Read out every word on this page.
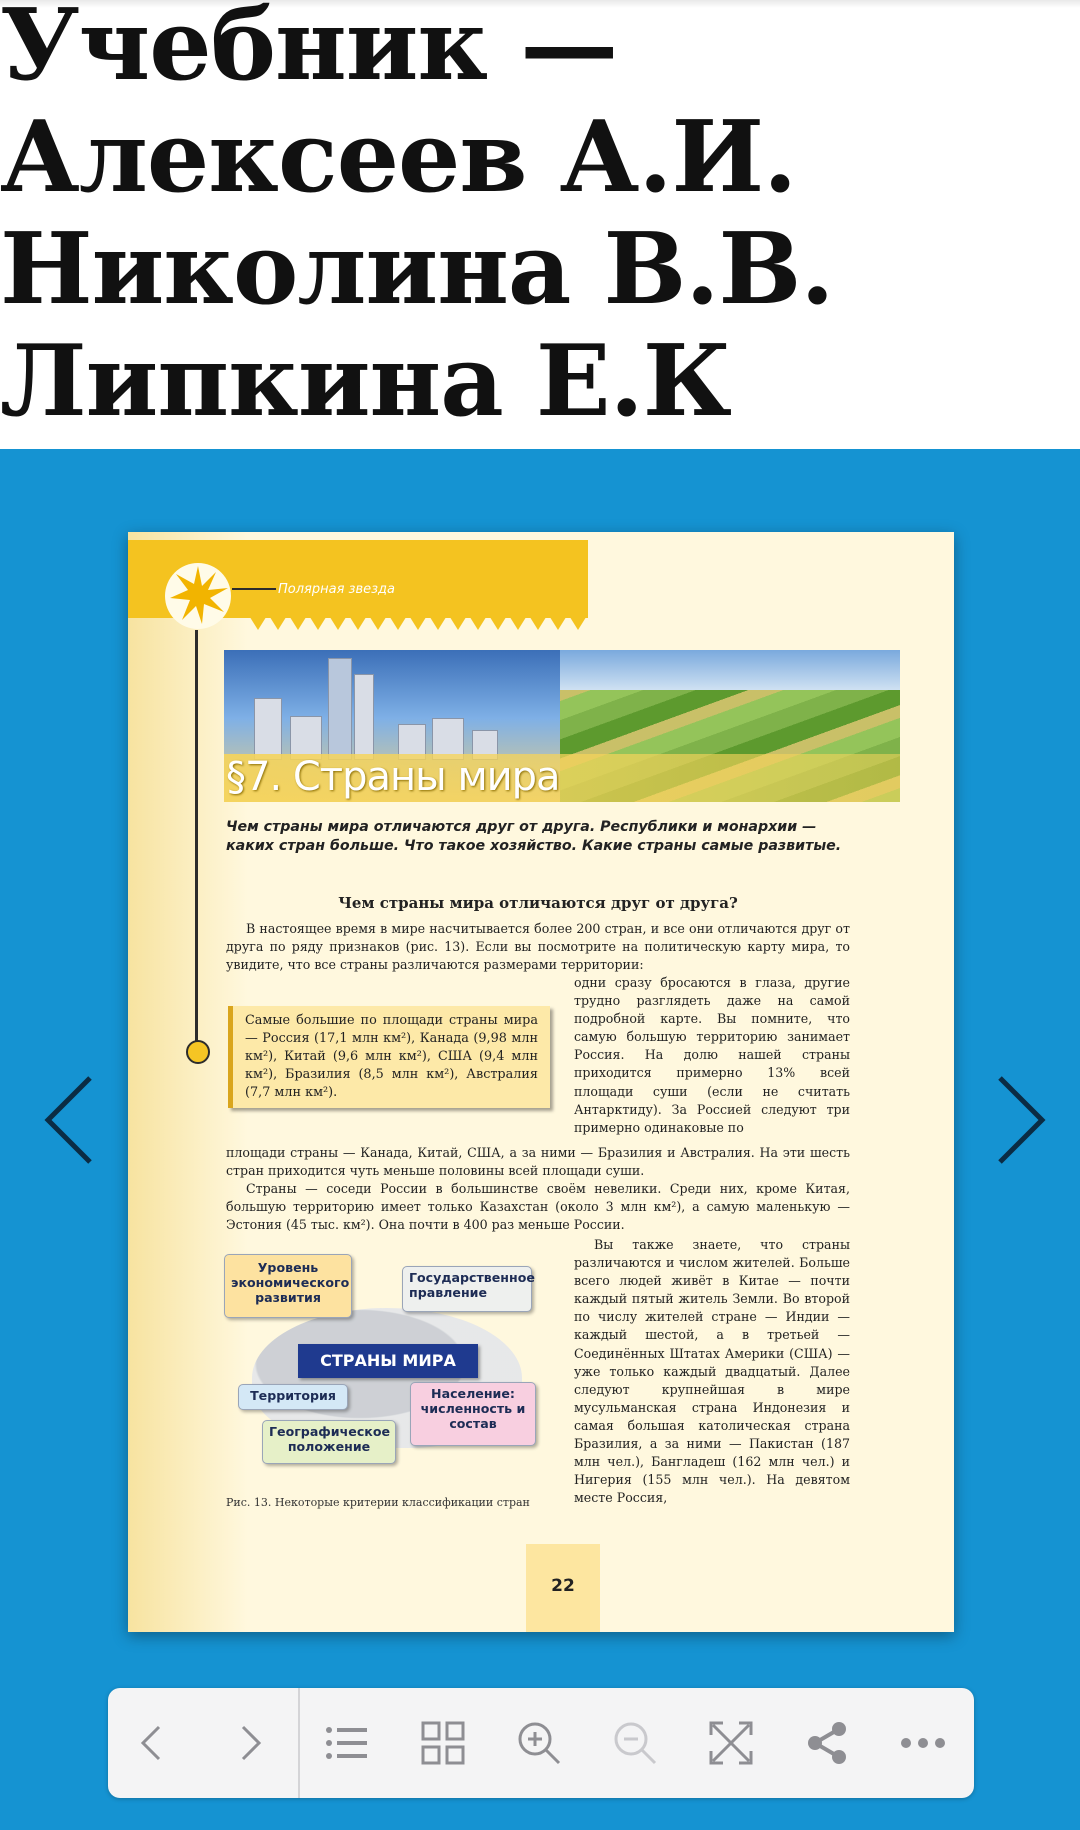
Учебник — Алексеев А.И. Николина В.В. Липкина Е.К
Полярная звезда
§7. Страны мира
Чем страны мира отличаются друг от друга. Республики и монархии — каких стран больше. Что такое хозяйство. Какие страны самые развитые.
Чем страны мира отличаются друг от друга?

В настоящее время в мире насчитывается более 200 стран, и все они отличаются друг от друга по ряду признаков (рис. 13). Если вы посмотрите на политическую карту мира, то увидите, что все страны различаются размерами территории:

одни сразу бросаются в глаза, другие трудно разглядеть даже на самой подробной карте. Вы помните, что самую большую территорию занимает Россия. На долю нашей страны приходится примерно 13% всей площади суши (если не считать Антарктиду). За Россией следуют три примерно одинаковые по

площади страны — Канада, Китай, США, а за ними — Бразилия и Австралия. На эти шесть стран приходится чуть меньше половины всей площади суши.

Страны — соседи России в большинстве своём невелики. Среди них, кроме Китая, большую территорию имеет только Казахстан (около 3 млн км²), а самую маленькую — Эстония (45 тыс. км²). Она почти в 400 раз меньше России.

Вы также знаете, что страны различаются и числом жителей. Больше всего людей живёт в Китае — почти каждый пятый житель Земли. Во второй по числу жителей стране — Индии — каждый шестой, а в третьей — Соединённых Штатах Америки (США) — уже только каждый двадцатый. Далее следуют крупнейшая в мире мусульманская страна Индонезия и самая большая католическая страна Бразилия, а за ними — Пакистан (187 млн чел.), Бангладеш (162 млн чел.) и Нигерия (155 млн чел.). На девятом месте Россия,

Самые большие по площади страны мира — Россия (17,1 млн км²), Канада (9,98 млн км²), Китай (9,6 млн км²), США (9,4 млн км²), Бразилия (8,5 млн км²), Австралия (7,7 млн км²).
Уровень экономического развития
Государственное правление
СТРАНЫ МИРА
Территория	Население: численность и состав
Географическое положение
Рис. 13. Некоторые критерии классификации стран
22
